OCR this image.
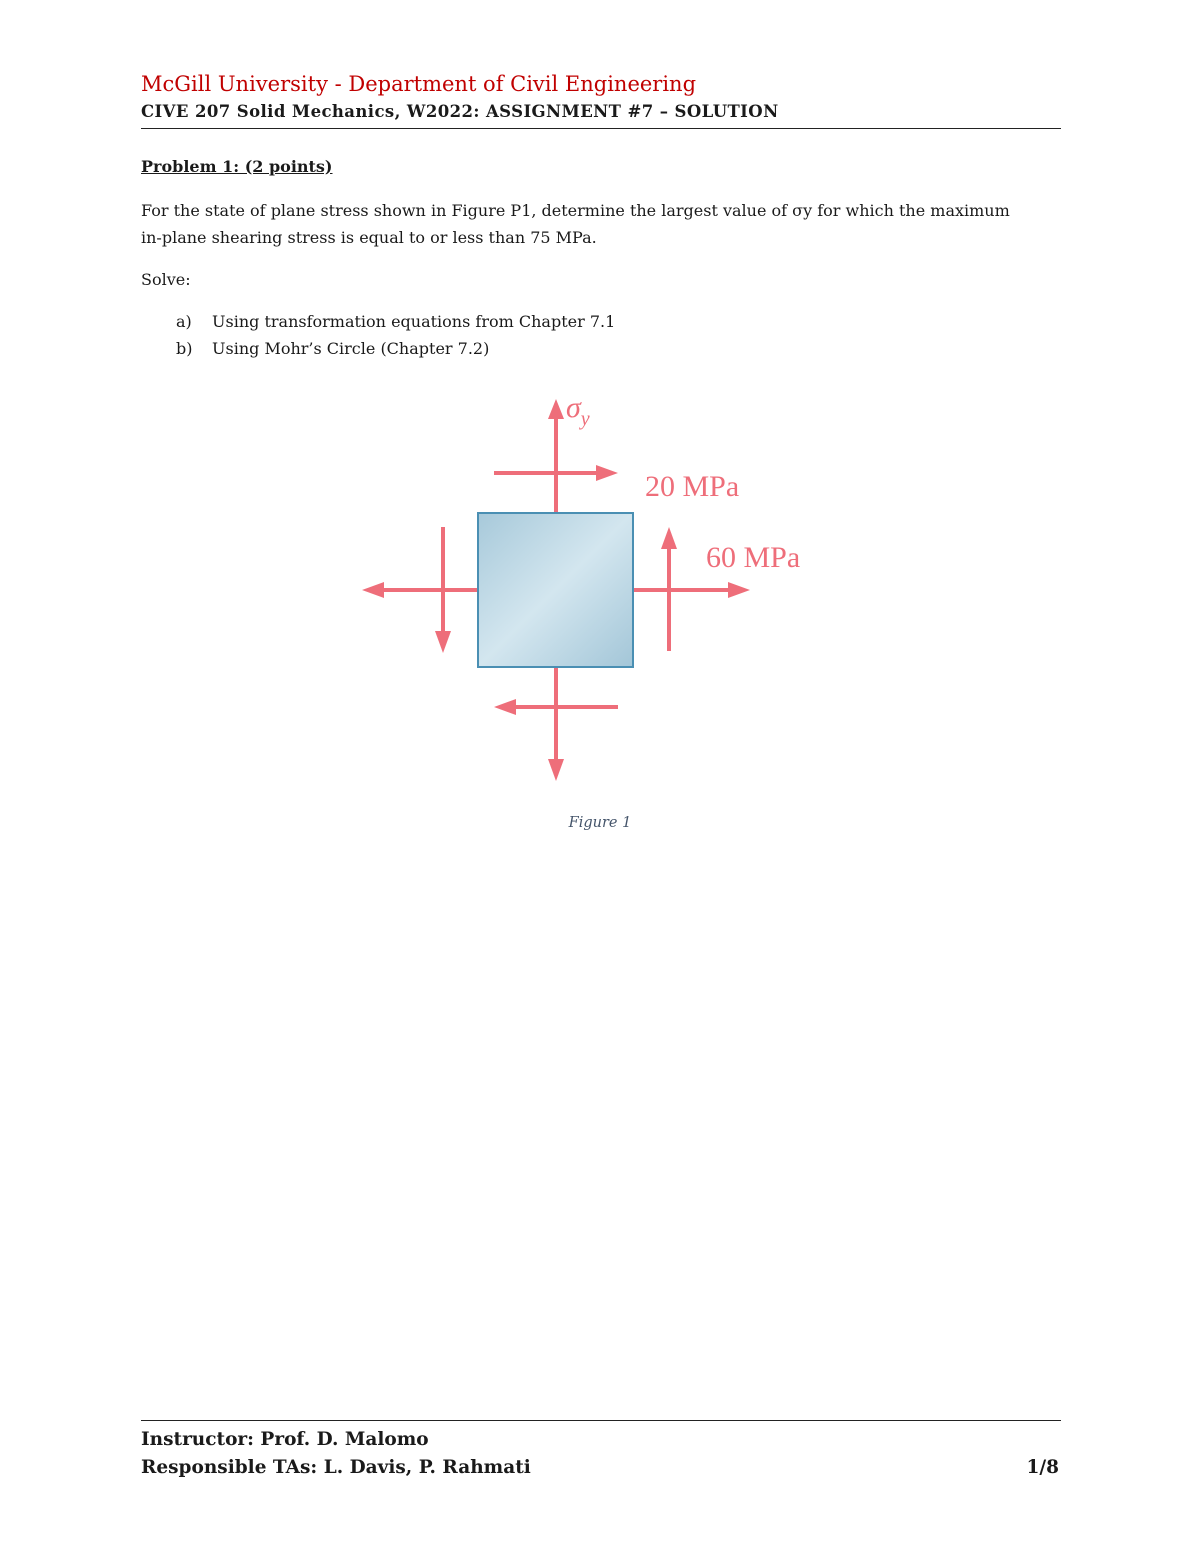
McGill University - Department of Civil Engineering
CIVE 207 Solid Mechanics, W2022: ASSIGNMENT #7 – SOLUTION
Problem 1: (2 points)
For the state of plane stress shown in Figure P1, determine the largest value of σy for which the maximum
in-plane shearing stress is equal to or less than 75 MPa.
Solve:
a) Using transformation equations from Chapter 7.1
b) Using Mohr’s Circle (Chapter 7.2)
$\sigma_y$
20 MPa
60 MPa
Figure 1
Instructor: Prof. D. Malomo
Responsible TAs: L. Davis, P. Rahmati	1/8
